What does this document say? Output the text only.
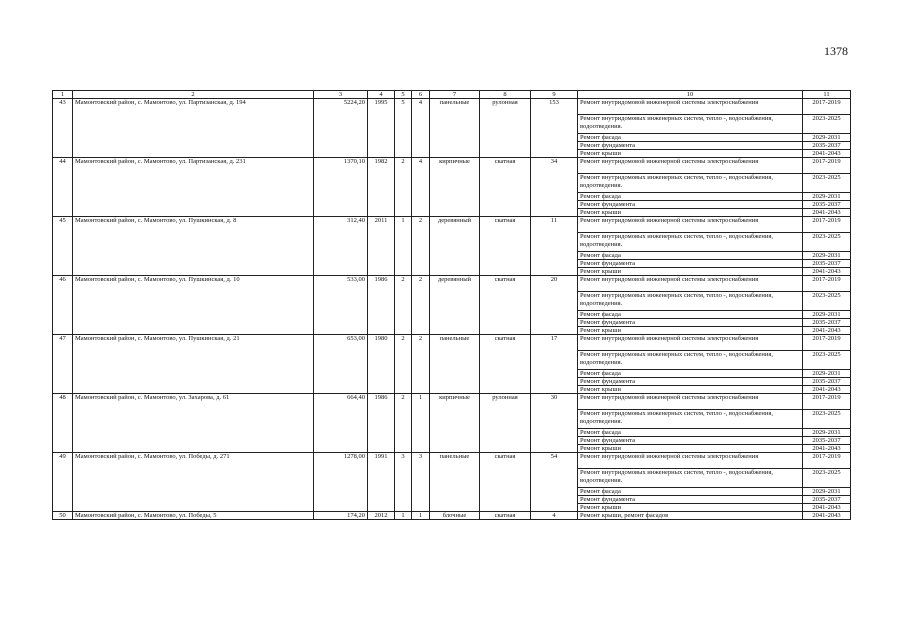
1378
1	2	3	4	5	6	7	8	9	10	11
43	Мамонтовский район, с. Мамонтово, ул. Партизанская, д. 194	5224,20	1995	5	4	панельные	рулонная	153	Ремонт внутридомовой инженерной системы электроснабжения	2017-2019
									Ремонт внутридомовых инженерных систем, тепло -, водоснабжения, водоотведения.	2023-2025
									Ремонт фасада	2029-2031
									Ремонт фундамента	2035-2037
									Ремонт крыши	2041-2043
44	Мамонтовский район, с. Мамонтово, ул. Партизанская, д. 231	1370,10	1982	2	4	кирпичные	скатная	34	Ремонт внутридомовой инженерной системы электроснабжения	2017-2019
									Ремонт внутридомовых инженерных систем, тепло -, водоснабжения, водоотведения.	2023-2025
									Ремонт фасада	2029-2031
									Ремонт фундамента	2035-2037
									Ремонт крыши	2041-2043
45	Мамонтовский район, с. Мамонтово, ул. Пушкинская, д. 8	312,40	2011	1	2	деревянный	скатная	11	Ремонт внутридомовой инженерной системы электроснабжения	2017-2019
									Ремонт внутридомовых инженерных систем, тепло -, водоснабжения, водоотведения.	2023-2025
									Ремонт фасада	2029-2031
									Ремонт фундамента	2035-2037
									Ремонт крыши	2041-2043
46	Мамонтовский район, с. Мамонтово, ул. Пушкинская, д. 10	533,00	1986	2	2	деревянный	скатная	20	Ремонт внутридомовой инженерной системы электроснабжения	2017-2019
									Ремонт внутридомовых инженерных систем, тепло -, водоснабжения, водоотведения.	2023-2025
									Ремонт фасада	2029-2031
									Ремонт фундамента	2035-2037
									Ремонт крыши	2041-2043
47	Мамонтовский район, с. Мамонтово, ул. Пушкинская, д. 21	653,00	1980	2	2	панельные	скатная	17	Ремонт внутридомовой инженерной системы электроснабжения	2017-2019
									Ремонт внутридомовых инженерных систем, тепло -, водоснабжения, водоотведения.	2023-2025
									Ремонт фасада	2029-2031
									Ремонт фундамента	2035-2037
									Ремонт крыши	2041-2043
48	Мамонтовский район, с. Мамонтово, ул. Захарова, д. 61	664,40	1986	2	1	кирпичные	рулонная	30	Ремонт внутридомовой инженерной системы электроснабжения	2017-2019
									Ремонт внутридомовых инженерных систем, тепло -, водоснабжения, водоотведения.	2023-2025
									Ремонт фасада	2029-2031
									Ремонт фундамента	2035-2037
									Ремонт крыши	2041-2043
49	Мамонтовский район, с. Мамонтово, ул. Победы, д. 271	1278,00	1991	3	3	панельные	скатная	54	Ремонт внутридомовой инженерной системы электроснабжения	2017-2019
									Ремонт внутридомовых инженерных систем, тепло -, водоснабжения, водоотведения.	2023-2025
									Ремонт фасада	2029-2031
									Ремонт фундамента	2035-2037
									Ремонт крыши	2041-2043
50	Мамонтовский район, с. Мамонтово, ул. Победы, 5	174,20	2012	1	1	блочные	скатная	4	Ремонт крыши, ремонт фасадов	2041-2043
